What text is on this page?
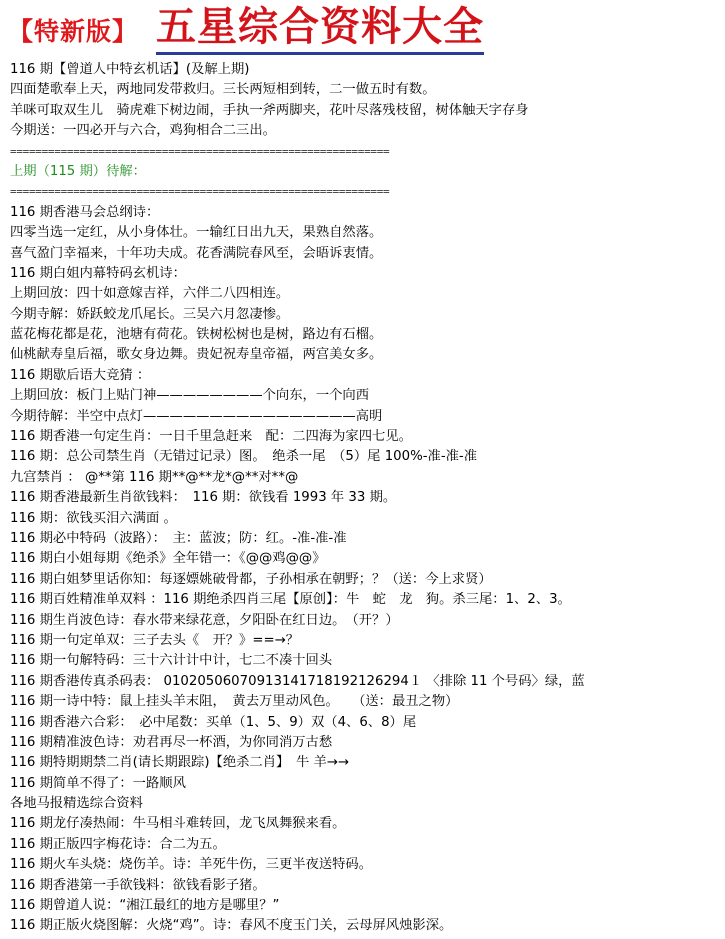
【特新版】 五星综合资料大全
116 期【曾道人中特玄机话】(及解上期)
四面楚歌奉上天，两地同发带救归。三长两短相到转，二一做五时有数。
羊咪可取双生儿　骑虎难下树边闹，手执一斧两脚夹，花叶尽落残枝留，树体触天字存身
今期送：一四必开与六合，鸡狗相合二三出。
============================================================
上期（115 期）待解：
============================================================
116 期香港马会总纲诗：
四零当选一定红，从小身体壮。一输红日出九天，果熟自然落。
喜气盈门幸福来，十年功夫成。花香满院春风至，会晤诉衷情。
116 期白姐内幕特码玄机诗：
上期回放：四十如意嫁吉祥，六伴二八四相连。
今期寺解：娇跃蛟龙爪尾长。三吴六月忽凄惨。
蓝花梅花都是花，池塘有荷花。铁树松树也是树，路边有石榴。
仙桃献寿皇后福，歌女身边舞。贵妃祝寿皇帝福，两宫美女多。
116 期歇后语大竞猜 ：
上期回放：板门上贴门神————————个向东，一个向西
今期待解：半空中点灯————————————————高明
116 期香港一句定生肖：一日千里急赶来　配：二四海为家四七见。
116 期：总公司禁生肖（无错过记录）图。　绝杀一尾　（5）尾 100%-准-准-准
九宫禁肖 ： @**第 116 期**@**龙*@**对**@
116 期香港最新生肖欲钱料：　116 期：欲钱看 1993 年 33 期。
116 期：欲钱买泪六满面 。
116 期必中特码（波路）：　主：蓝波；防：红。-准-准-准
116 期白小姐每期《绝杀》全年错一：《@@鸡@@》
116 期白姐梦里话你知：每逐嫖姚破骨都，子孙相承在朝野；？（送：今上求贤）
116 期百姓精准单双料 ：116 期绝杀四肖三尾【原创】：牛　蛇　龙　狗。杀三尾：1、2、3。
116 期生肖波色诗：春水带来绿花意，夕阳卧在红日边。　（开？）
116 期一句定单双：三子去头《　开？》==→？
116 期一句解特码：三十六计计中计，七二不凑十回头
116 期香港传真杀码表： 01020506070913141718192126294１ 〈排除 11 个号码〉绿，蓝
116 期一诗中特：鼠上挂头羊末阻，　黄去万里动风色。　　（送：最丑之物）
116 期香港六合彩：　必中尾数：买单（1、5、9）双（4、6、8）尾
116 期精准波色诗：劝君再尽一杯酒，为你同消万古愁
116 期特期期禁二肖(请长期跟踪)【绝杀二肖】　牛 羊→→
116 期简单不得了：一路顺风
各地马报精选综合资料
116 期龙仔凑热闹：牛马相斗难转回，龙飞凤舞猴来看。
116 期正版四字梅花诗：合二为五。
116 期火车头烧：烧伤羊。诗：羊死牛伤，三更半夜送特码。
116 期香港第一手欲钱料：欲钱看影子猪。
116 期曾道人说：“湘江最红的地方是哪里？”
116 期正版火烧图解：火烧“鸡”。诗：春风不度玉门关，云母屏风烛影深。
